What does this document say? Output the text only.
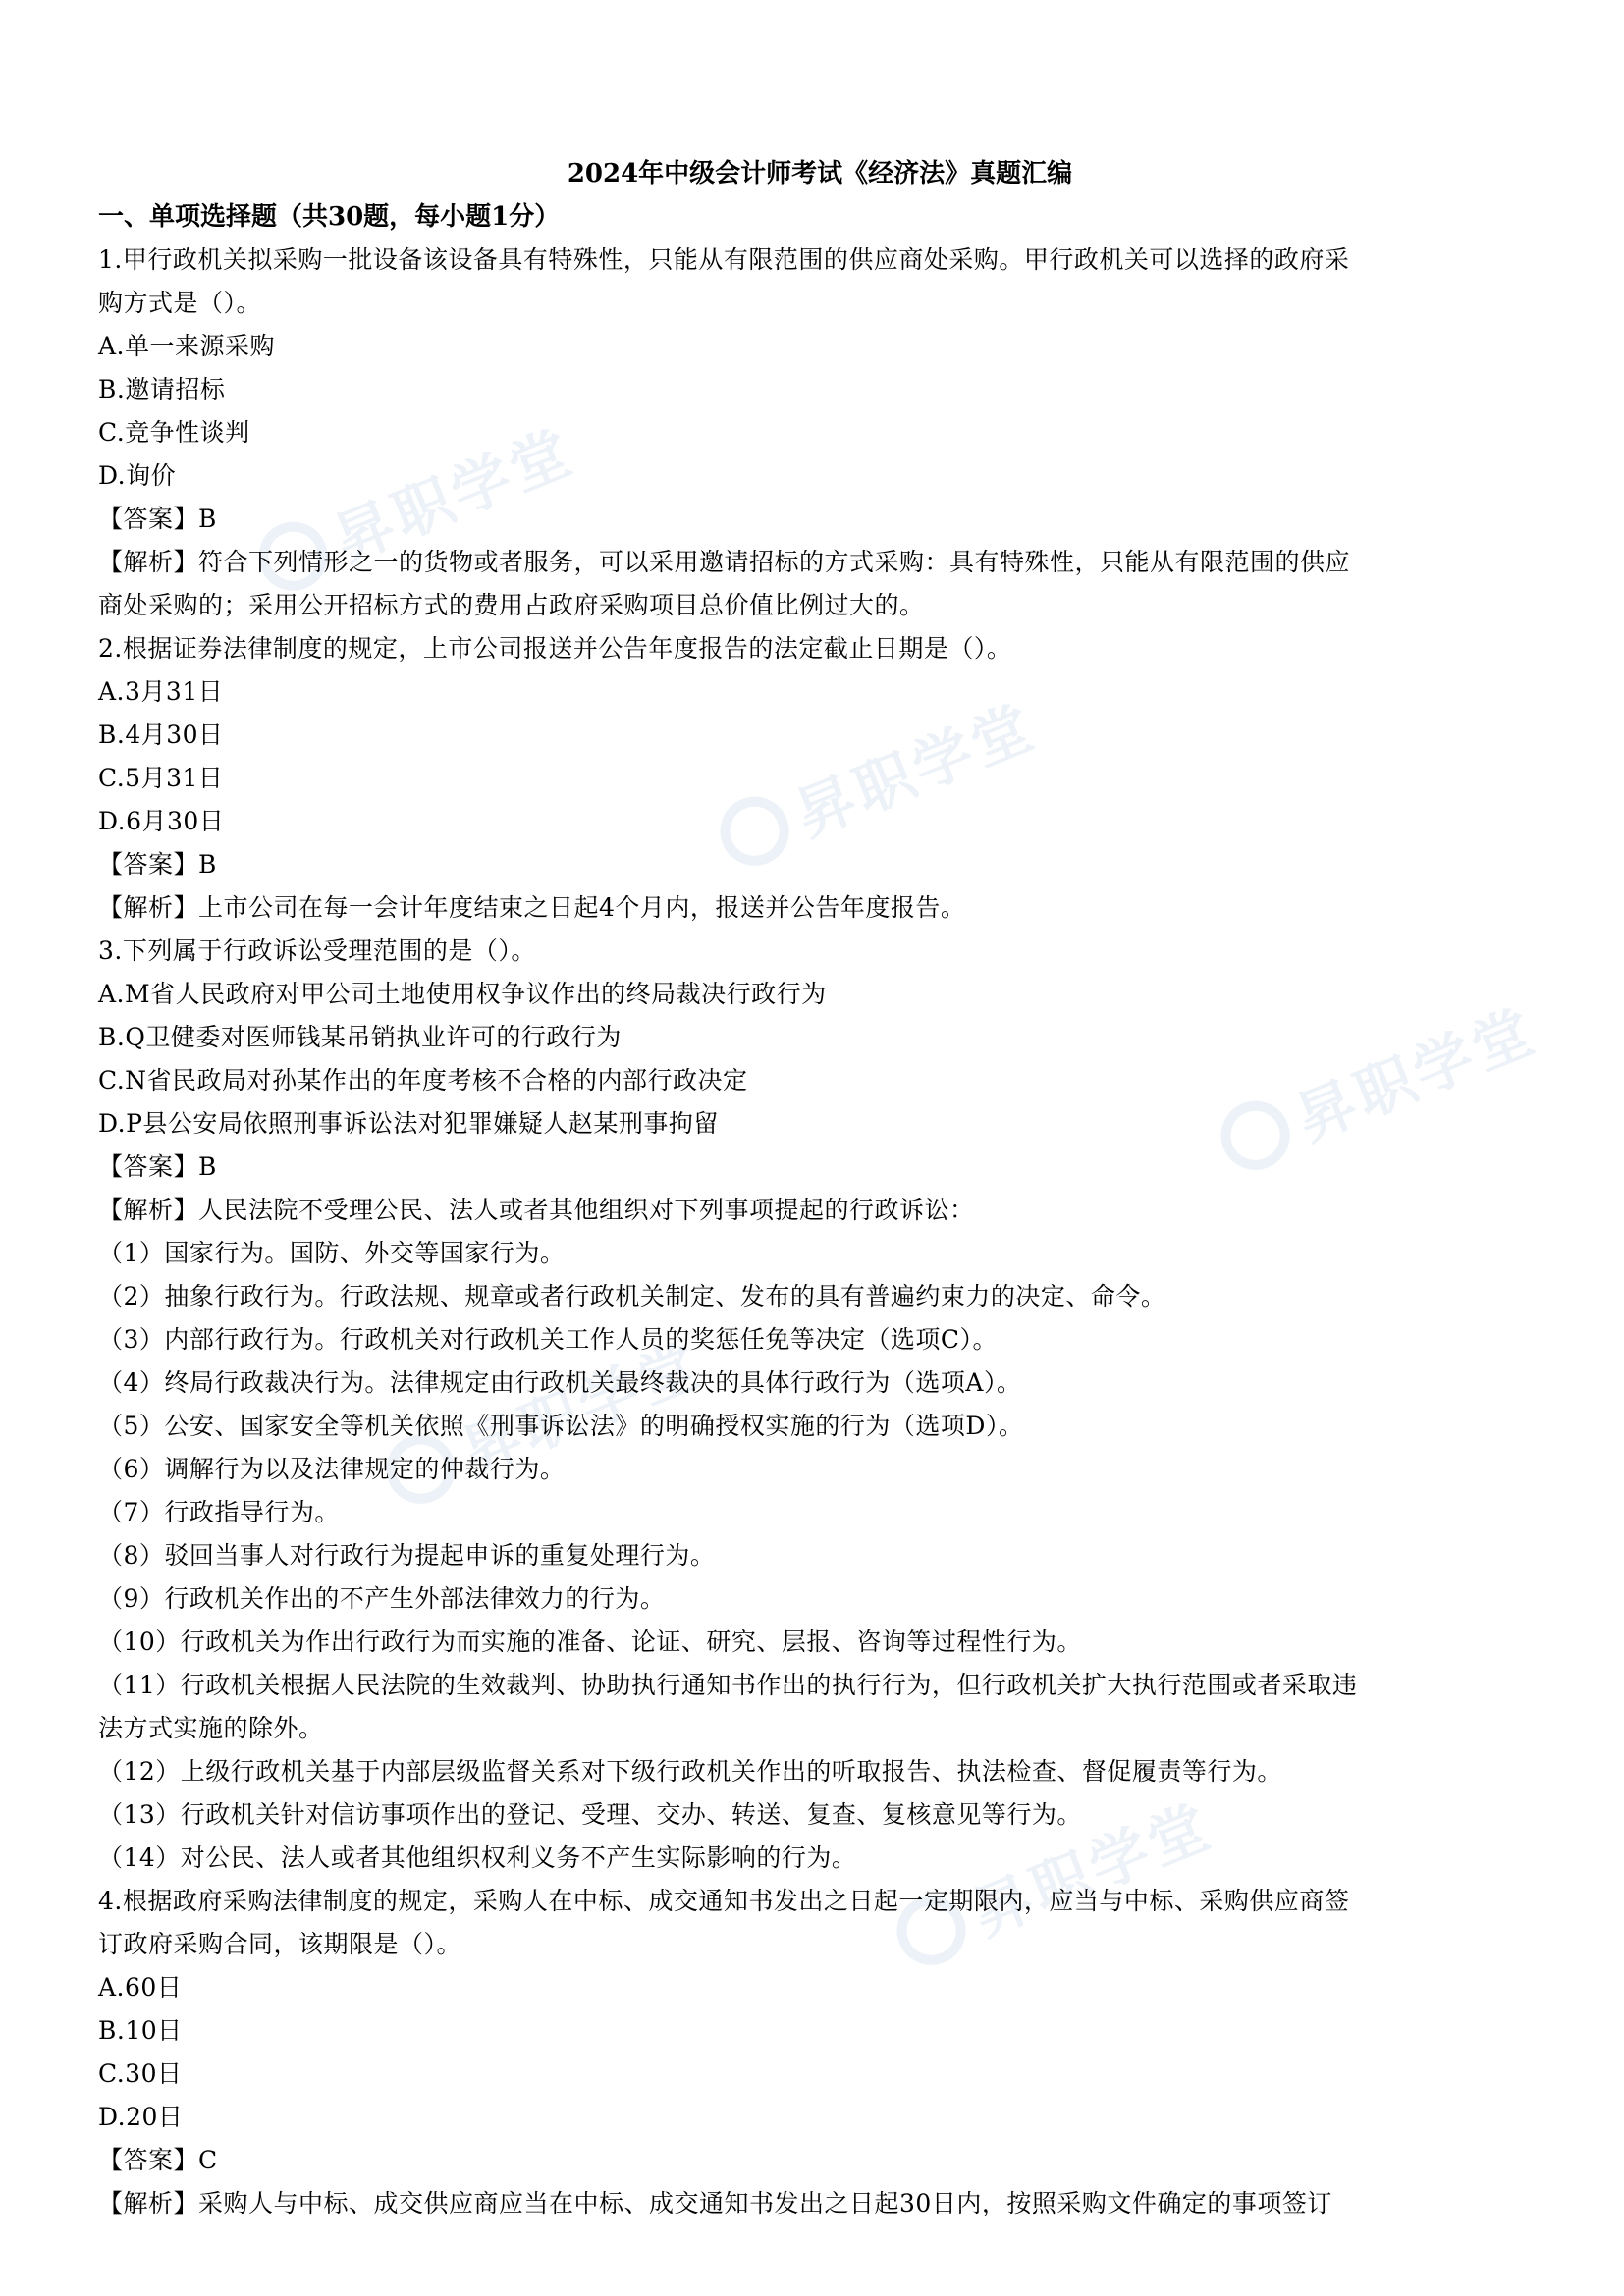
昇职学堂
昇职学堂
昇职学堂
昇职学堂
昇职学堂

2024年中级会计师考试《经济法》真题汇编

一、单项选择题（共30题，每小题1分）

1.甲行政机关拟采购一批设备该设备具有特殊性，只能从有限范围的供应商处采购。甲行政机关可以选择的政府采

购方式是（）。

A.单一来源采购

B.邀请招标

C.竞争性谈判

D.询价

【答案】B

【解析】符合下列情形之一的货物或者服务，可以采用邀请招标的方式采购：具有特殊性，只能从有限范围的供应

商处采购的；采用公开招标方式的费用占政府采购项目总价值比例过大的。

2.根据证券法律制度的规定，上市公司报送并公告年度报告的法定截止日期是（）。

A.3月31日

B.4月30日

C.5月31日

D.6月30日

【答案】B

【解析】上市公司在每一会计年度结束之日起4个月内，报送并公告年度报告。

3.下列属于行政诉讼受理范围的是（）。

A.M省人民政府对甲公司土地使用权争议作出的终局裁决行政行为

B.Q卫健委对医师钱某吊销执业许可的行政行为

C.N省民政局对孙某作出的年度考核不合格的内部行政决定

D.P县公安局依照刑事诉讼法对犯罪嫌疑人赵某刑事拘留

【答案】B

【解析】人民法院不受理公民、法人或者其他组织对下列事项提起的行政诉讼：

（1）国家行为。国防、外交等国家行为。

（2）抽象行政行为。行政法规、规章或者行政机关制定、发布的具有普遍约束力的决定、命令。

（3）内部行政行为。行政机关对行政机关工作人员的奖惩任免等决定（选项C）。

（4）终局行政裁决行为。法律规定由行政机关最终裁决的具体行政行为（选项A）。

（5）公安、国家安全等机关依照《刑事诉讼法》的明确授权实施的行为（选项D）。

（6）调解行为以及法律规定的仲裁行为。

（7）行政指导行为。

（8）驳回当事人对行政行为提起申诉的重复处理行为。

（9）行政机关作出的不产生外部法律效力的行为。

（10）行政机关为作出行政行为而实施的准备、论证、研究、层报、咨询等过程性行为。

（11）行政机关根据人民法院的生效裁判、协助执行通知书作出的执行行为，但行政机关扩大执行范围或者采取违

法方式实施的除外。

（12）上级行政机关基于内部层级监督关系对下级行政机关作出的听取报告、执法检查、督促履责等行为。

（13）行政机关针对信访事项作出的登记、受理、交办、转送、复查、复核意见等行为。

（14）对公民、法人或者其他组织权利义务不产生实际影响的行为。

4.根据政府采购法律制度的规定，采购人在中标、成交通知书发出之日起一定期限内，应当与中标、采购供应商签

订政府采购合同，该期限是（）。

A.60日

B.10日

C.30日

D.20日

【答案】C

【解析】采购人与中标、成交供应商应当在中标、成交通知书发出之日起30日内，按照采购文件确定的事项签订
